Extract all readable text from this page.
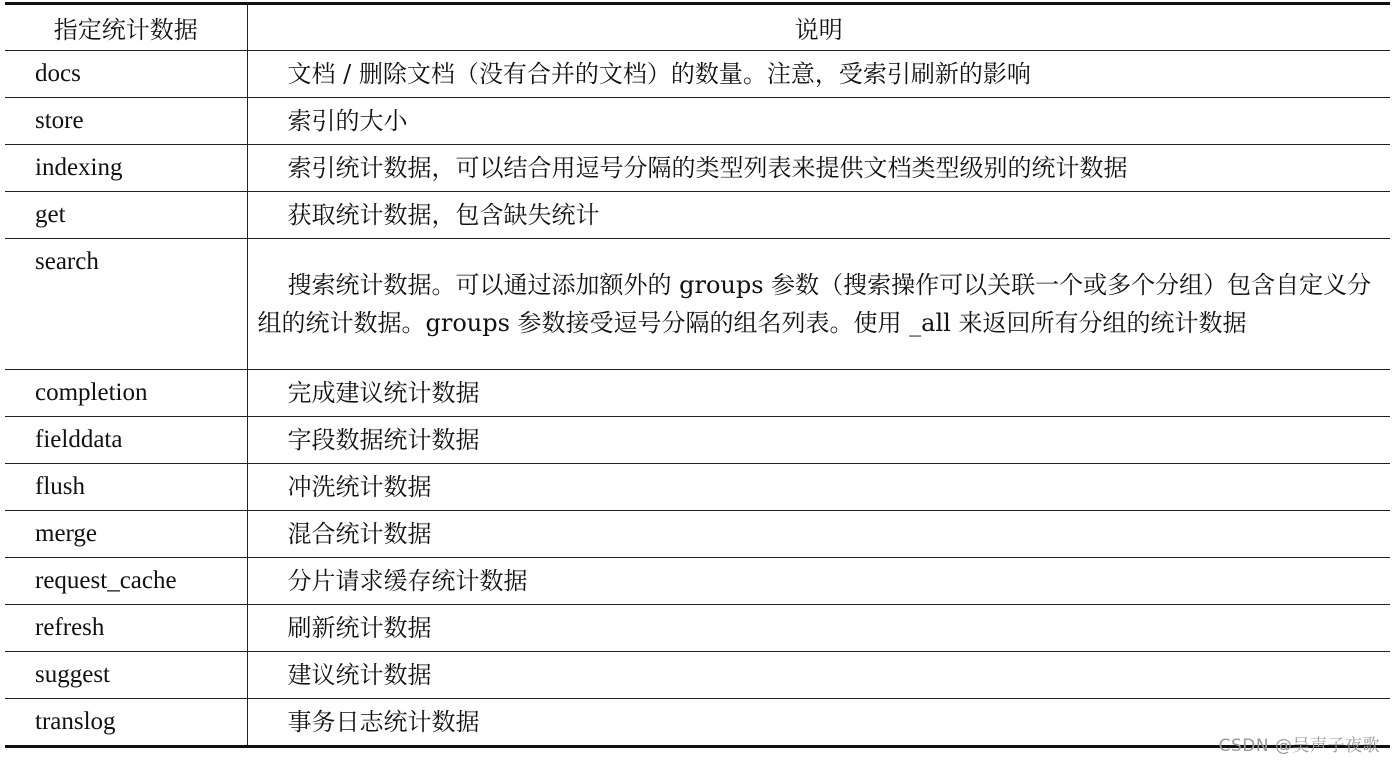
指定统计数据	说明
docs	文档 / 删除文档（没有合并的文档）的数量。注意，受索引刷新的影响
store	索引的大小
indexing	索引统计数据，可以结合用逗号分隔的类型列表来提供文档类型级别的统计数据
get	获取统计数据，包含缺失统计
search	搜索统计数据。可以通过添加额外的 groups 参数（搜索操作可以关联一个或多个分组）包含自定义分组的统计数据。groups 参数接受逗号分隔的组名列表。使用 _all 来返回所有分组的统计数据
completion	完成建议统计数据
fielddata	字段数据统计数据
flush	冲洗统计数据
merge	混合统计数据
request_cache	分片请求缓存统计数据
refresh	刷新统计数据
suggest	建议统计数据
translog	事务日志统计数据
CSDN @吴声子夜歌
